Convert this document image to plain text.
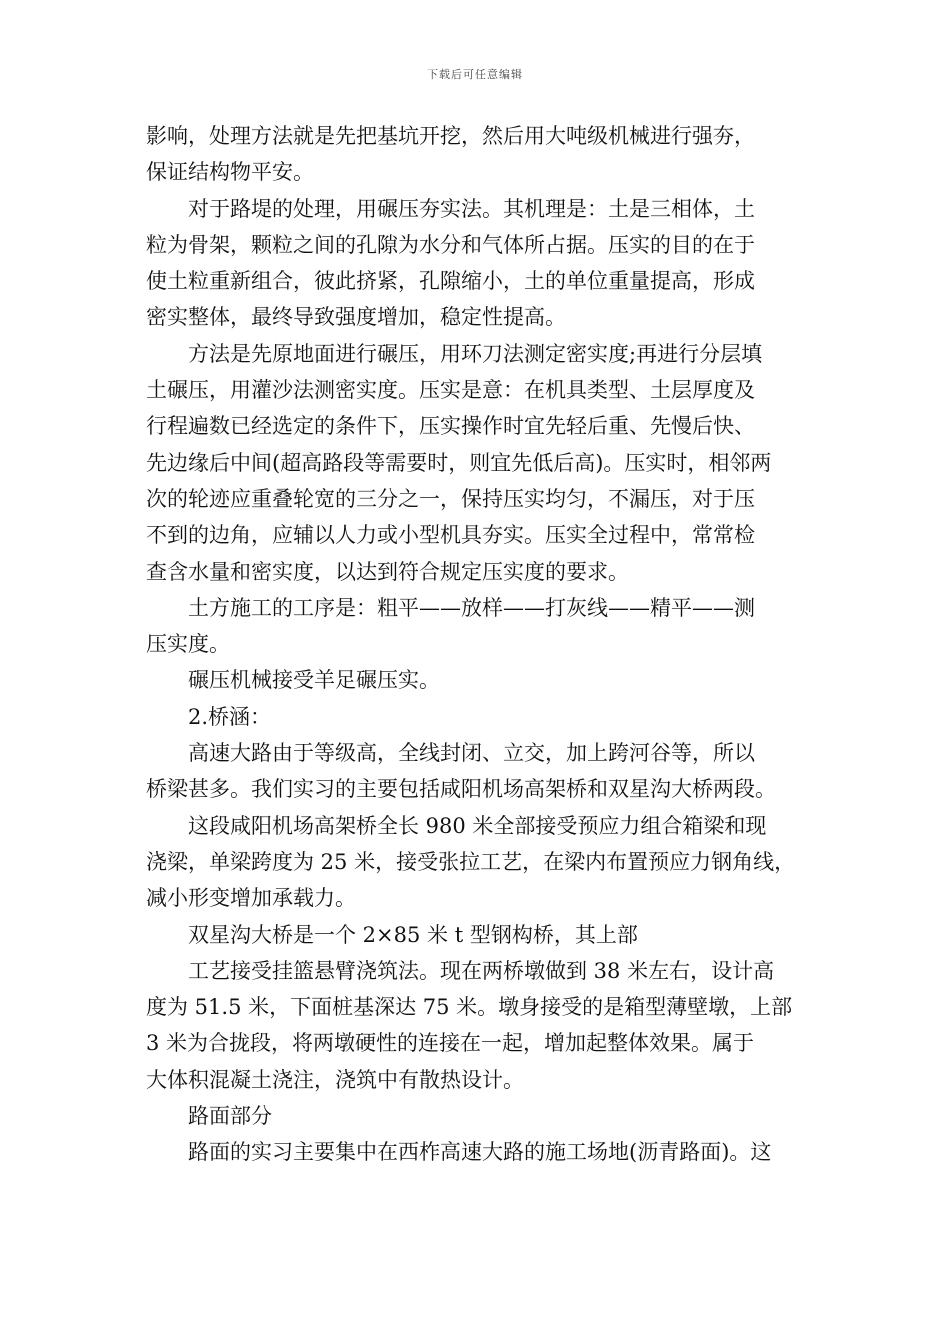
下载后可任意编辑
影响，处理方法就是先把基坑开挖，然后用大吨级机械进行强夯，
保证结构物平安。
对于路堤的处理，用碾压夯实法。其机理是：土是三相体，土
粒为骨架，颗粒之间的孔隙为水分和气体所占据。压实的目的在于
使土粒重新组合，彼此挤紧，孔隙缩小，土的单位重量提高，形成
密实整体，最终导致强度增加，稳定性提高。
方法是先原地面进行碾压，用环刀法测定密实度;再进行分层填
土碾压，用灌沙法测密实度。压实是意：在机具类型、土层厚度及
行程遍数已经选定的条件下，压实操作时宜先轻后重、先慢后快、
先边缘后中间(超高路段等需要时，则宜先低后高)。压实时，相邻两
次的轮迹应重叠轮宽的三分之一，保持压实均匀，不漏压，对于压
不到的边角，应辅以人力或小型机具夯实。压实全过程中，常常检
查含水量和密实度，以达到符合规定压实度的要求。
土方施工的工序是：粗平——放样——打灰线——精平——测
压实度。
碾压机械接受羊足碾压实。
2.桥涵：
高速大路由于等级高，全线封闭、立交，加上跨河谷等，所以
桥梁甚多。我们实习的主要包括咸阳机场高架桥和双星沟大桥两段。
这段咸阳机场高架桥全长 980 米全部接受预应力组合箱梁和现
浇梁，单梁跨度为 25 米，接受张拉工艺，在梁内布置预应力钢角线，
减小形变增加承载力。
双星沟大桥是一个 2×85 米 t 型钢构桥，其上部
工艺接受挂篮悬臂浇筑法。现在两桥墩做到 38 米左右，设计高
度为 51.5 米，下面桩基深达 75 米。墩身接受的是箱型薄壁墩，上部
3 米为合拢段，将两墩硬性的连接在一起，增加起整体效果。属于
大体积混凝土浇注，浇筑中有散热设计。
路面部分
路面的实习主要集中在西柞高速大路的施工场地(沥青路面)。这
